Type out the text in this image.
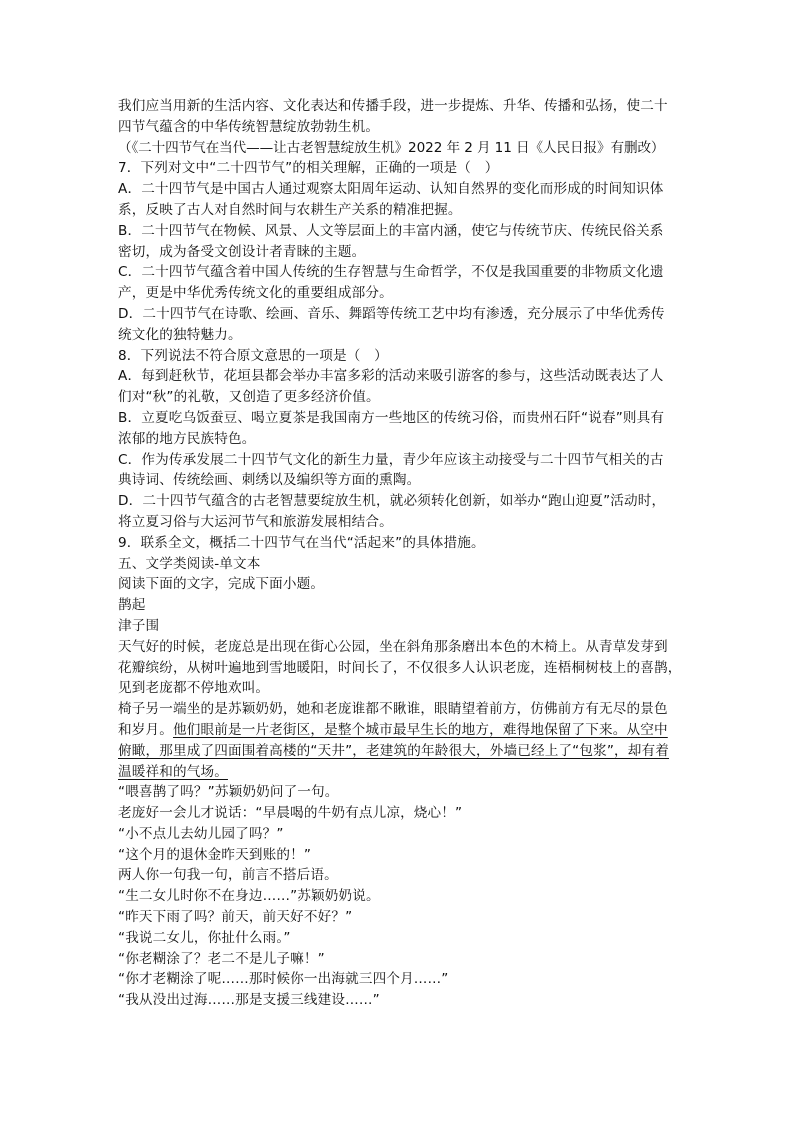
我们应当用新的生活内容、文化表达和传播手段，进一步提炼、升华、传播和弘扬，使二十
四节气蕴含的中华传统智慧绽放勃勃生机。
（《二十四节气在当代——让古老智慧绽放生机》2022 年 2 月 11 日《人民日报》有删改）
7．下列对文中“二十四节气”的相关理解，正确的一项是（　）
A．二十四节气是中国古人通过观察太阳周年运动、认知自然界的变化而形成的时间知识体
系，反映了古人对自然时间与农耕生产关系的精准把握。
B．二十四节气在物候、风景、人文等层面上的丰富内涵，使它与传统节庆、传统民俗关系
密切，成为备受文创设计者青睐的主题。
C．二十四节气蕴含着中国人传统的生存智慧与生命哲学，不仅是我国重要的非物质文化遗
产，更是中华优秀传统文化的重要组成部分。
D．二十四节气在诗歌、绘画、音乐、舞蹈等传统工艺中均有渗透，充分展示了中华优秀传
统文化的独特魅力。
8．下列说法不符合原文意思的一项是（　）
A．每到赶秋节，花垣县都会举办丰富多彩的活动来吸引游客的参与，这些活动既表达了人
们对“秋”的礼敬，又创造了更多经济价值。
B．立夏吃乌饭蚕豆、喝立夏茶是我国南方一些地区的传统习俗，而贵州石阡“说春”则具有
浓郁的地方民族特色。
C．作为传承发展二十四节气文化的新生力量，青少年应该主动接受与二十四节气相关的古
典诗词、传统绘画、刺绣以及编织等方面的熏陶。
D．二十四节气蕴含的古老智慧要绽放生机，就必须转化创新，如举办“跑山迎夏”活动时，
将立夏习俗与大运河节气和旅游发展相结合。
9．联系全文，概括二十四节气在当代“活起来”的具体措施。
五、文学类阅读-单文本
阅读下面的文字，完成下面小题。
鹊起
津子围
天气好的时候，老庞总是出现在街心公园，坐在斜角那条磨出本色的木椅上。从青草发芽到
花瓣缤纷，从树叶遍地到雪地暖阳，时间长了，不仅很多人认识老庞，连梧桐树枝上的喜鹊，
见到老庞都不停地欢叫。
椅子另一端坐的是苏颖奶奶，她和老庞谁都不瞅谁，眼睛望着前方，仿佛前方有无尽的景色
和岁月。他们眼前是一片老街区，是整个城市最早生长的地方，难得地保留了下来。从空中
俯瞰，那里成了四面围着高楼的“天井”，老建筑的年龄很大，外墙已经上了“包浆”，却有着
温暖祥和的气场。
“喂喜鹊了吗？”苏颖奶奶问了一句。
老庞好一会儿才说话：“早晨喝的牛奶有点儿凉，烧心！”
“小不点儿去幼儿园了吗？”
“这个月的退休金昨天到账的！”
两人你一句我一句，前言不搭后语。
“生二女儿时你不在身边……”苏颖奶奶说。
“昨天下雨了吗？前天，前天好不好？”
“我说二女儿，你扯什么雨。”
“你老糊涂了？老二不是儿子嘛！”
“你才老糊涂了呢……那时候你一出海就三四个月……”
“我从没出过海……那是支援三线建设……”
